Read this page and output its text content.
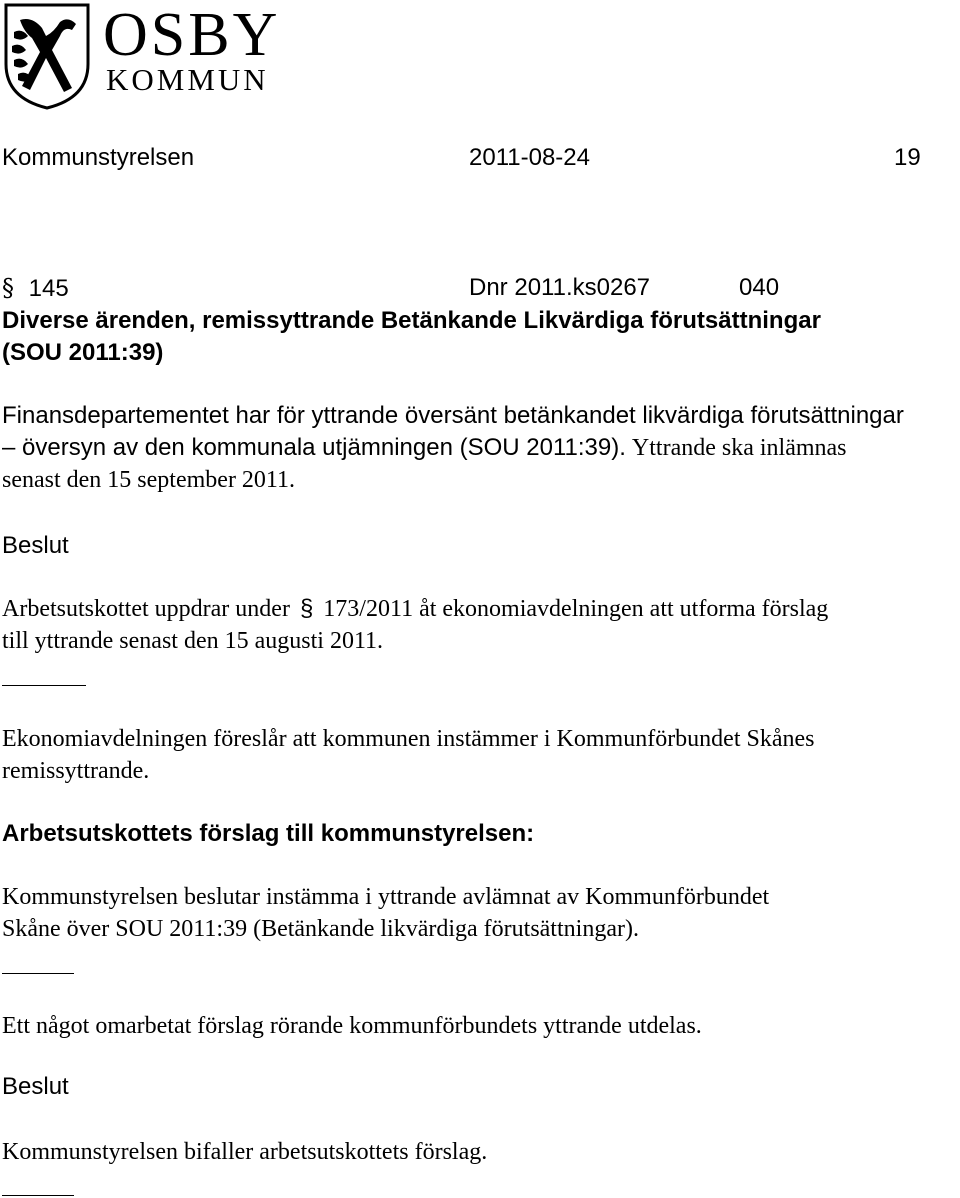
OSBY
KOMMUN
Kommunstyrelsen	2011-08-24	19
§ 145	Dnr 2011.ks0267	040
Diverse ärenden, remissyttrande Betänkande Likvärdiga förutsättningar
(SOU 2011:39)
Finansdepartementet har för yttrande översänt betänkandet likvärdiga förutsättningar
– översyn av den kommunala utjämningen (SOU 2011:39). Yttrande ska inlämnas
senast den 15 september 2011.
Beslut
Arbetsutskottet uppdrar under § 173/2011 åt ekonomiavdelningen att utforma förslag
till yttrande senast den 15 augusti 2011.
Ekonomiavdelningen föreslår att kommunen instämmer i Kommunförbundet Skånes
remissyttrande.
Arbetsutskottets förslag till kommunstyrelsen:
Kommunstyrelsen beslutar instämma i yttrande avlämnat av Kommunförbundet
Skåne över SOU 2011:39 (Betänkande likvärdiga förutsättningar).
Ett något omarbetat förslag rörande kommunförbundets yttrande utdelas.
Beslut
Kommunstyrelsen bifaller arbetsutskottets förslag.
